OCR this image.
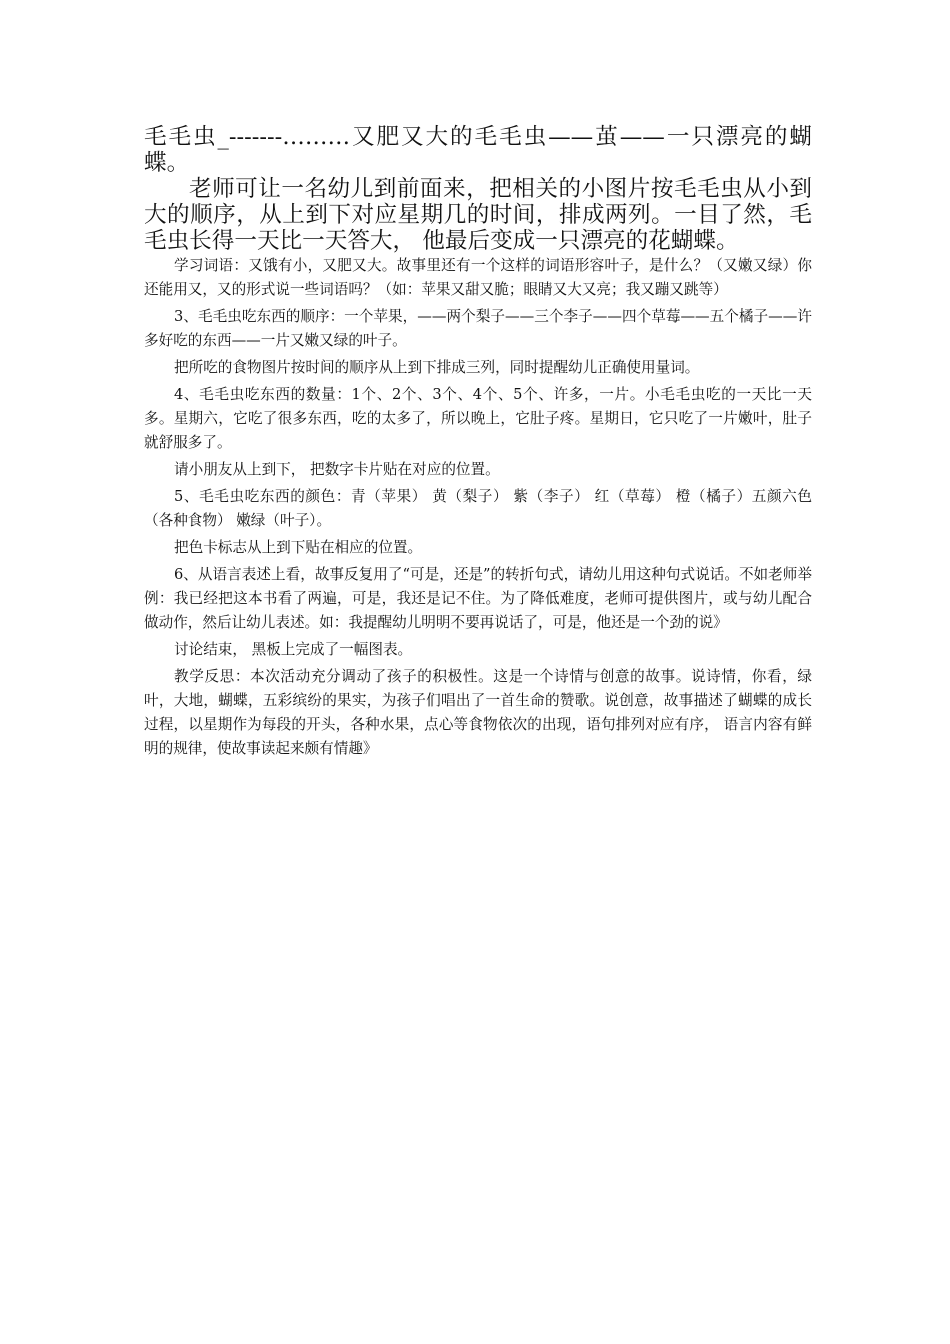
毛毛虫_-------………又肥又大的毛毛虫——茧——一只漂亮的蝴蝶。

老师可让一名幼儿到前面来，把相关的小图片按毛毛虫从小到大的顺序，从上到下对应星期几的时间，排成两列。一目了然，毛毛虫长得一天比一天答大， 他最后变成一只漂亮的花蝴蝶。

学习词语：又饿有小，又肥又大。故事里还有一个这样的词语形容叶子，是什么？（又嫩又绿）你还能用又，又的形式说一些词语吗？（如：苹果又甜又脆；眼睛又大又亮；我又蹦又跳等）

3、毛毛虫吃东西的顺序：一个苹果，——两个梨子——三个李子——四个草莓——五个橘子——许多好吃的东西——一片又嫩又绿的叶子。

把所吃的食物图片按时间的顺序从上到下排成三列，同时提醒幼儿正确使用量词。

4、毛毛虫吃东西的数量：1个、2个、3个、4个、5个、许多，一片。小毛毛虫吃的一天比一天多。星期六，它吃了很多东西，吃的太多了，所以晚上，它肚子疼。星期日，它只吃了一片嫩叶，肚子就舒服多了。

请小朋友从上到下， 把数字卡片贴在对应的位置。

5、毛毛虫吃东西的颜色：青（苹果） 黄（梨子） 紫（李子） 红（草莓） 橙（橘子）五颜六色（各种食物） 嫩绿（叶子）。

把色卡标志从上到下贴在相应的位置。

6、从语言表述上看，故事反复用了“可是，还是”的转折句式，请幼儿用这种句式说话。不如老师举例：我已经把这本书看了两遍，可是，我还是记不住。为了降低难度，老师可提供图片，或与幼儿配合做动作，然后让幼儿表述。如：我提醒幼儿明明不要再说话了，可是，他还是一个劲的说》

讨论结束， 黑板上完成了一幅图表。

教学反思：本次活动充分调动了孩子的积极性。这是一个诗情与创意的故事。说诗情，你看，绿叶，大地，蝴蝶，五彩缤纷的果实，为孩子们唱出了一首生命的赞歌。说创意，故事描述了蝴蝶的成长过程，以星期作为每段的开头，各种水果，点心等食物依次的出现，语句排列对应有序， 语言内容有鲜明的规律，使故事读起来颇有情趣》
